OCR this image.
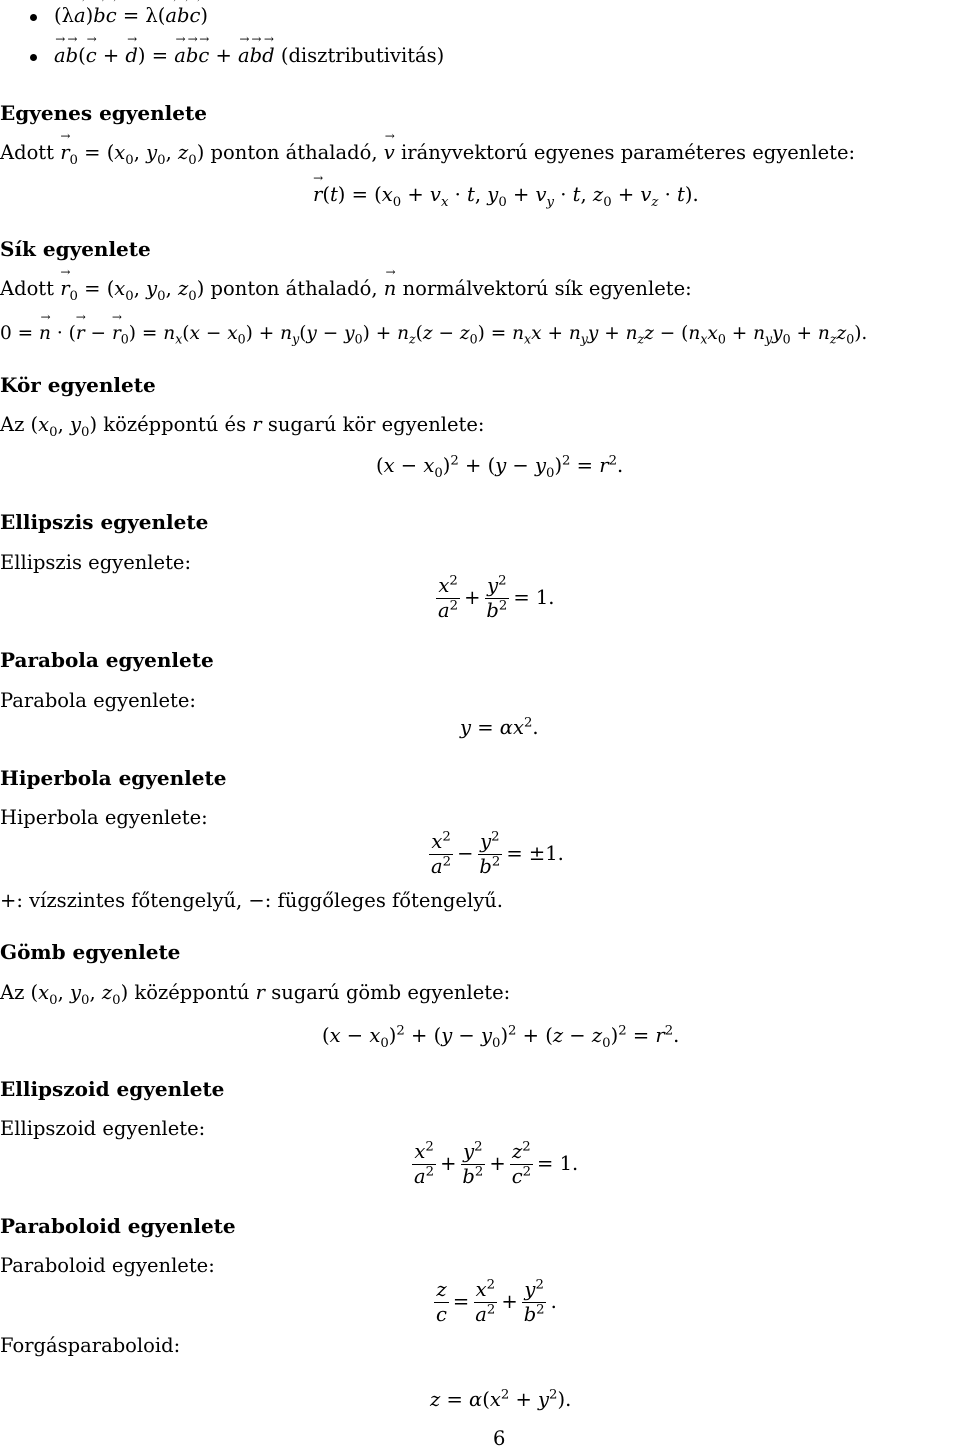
(λ→ a)→ b→ c = λ(→ a→ b→ c)
→ a→ b(→ c + → d) = → a→ b→ c + → a→ b→ d (disztributivitás)
Egyenes egyenlete
Adott → $r_0 = (x_0$, $y_0$, $z_0$) ponton áthaladó, → v irányvektorú egyenes paraméteres egyenlete:
→ $r(t) = (x_0 + v_x \cdot t$, $y_0 + v_y \cdot t$, $z_0 + v_z \cdot t$).
Sík egyenlete
Adott → $r_0 = (x_0$, $y_0$, $z_0$) ponton áthaladó, → n normálvektorú sík egyenlete:
0 = → n · (→ r − → $r_0) = n_x(x - x_0) + n_y(y - y_0) + n_z(z - z_0) = n_xx + n_yy + n_zz - (n_xx_0 + n_yy_0 + n_zz_0)$.
Kör egyenlete
Az ($x_0$, $y_0$) középpontú és r sugarú kör egyenlete:
$(x - x_0)^2 + (y - y_0)^2 = r^2$.
Ellipszis egyenlete
Ellipszis egyenlete:
$\frac{x^2}{a^2} + \frac{y^2}{b^2} = 1$.
Parabola egyenlete
Parabola egyenlete:
$y = \alpha x^2$.
Hiperbola egyenlete
Hiperbola egyenlete:
$\frac{x^2}{a^2} - \frac{y^2}{b^2} = \pm 1$.
+: vízszintes főtengelyű, −: függőleges főtengelyű.
Gömb egyenlete
Az ($x_0$, $y_0$, $z_0$) középpontú r sugarú gömb egyenlete:
$(x - x_0)^2 + (y - y_0)^2 + (z - z_0)^2 = r^2$.
Ellipszoid egyenlete
Ellipszoid egyenlete:
$\frac{x^2}{a^2} + \frac{y^2}{b^2} + \frac{z^2}{c^2} = 1$.
Paraboloid egyenlete
Paraboloid egyenlete:
$\frac{z}{c} = \frac{x^2}{a^2} + \frac{y^2}{b^2}$ .
Forgásparaboloid:
$z = \alpha(x^2 + y^2)$.
6
